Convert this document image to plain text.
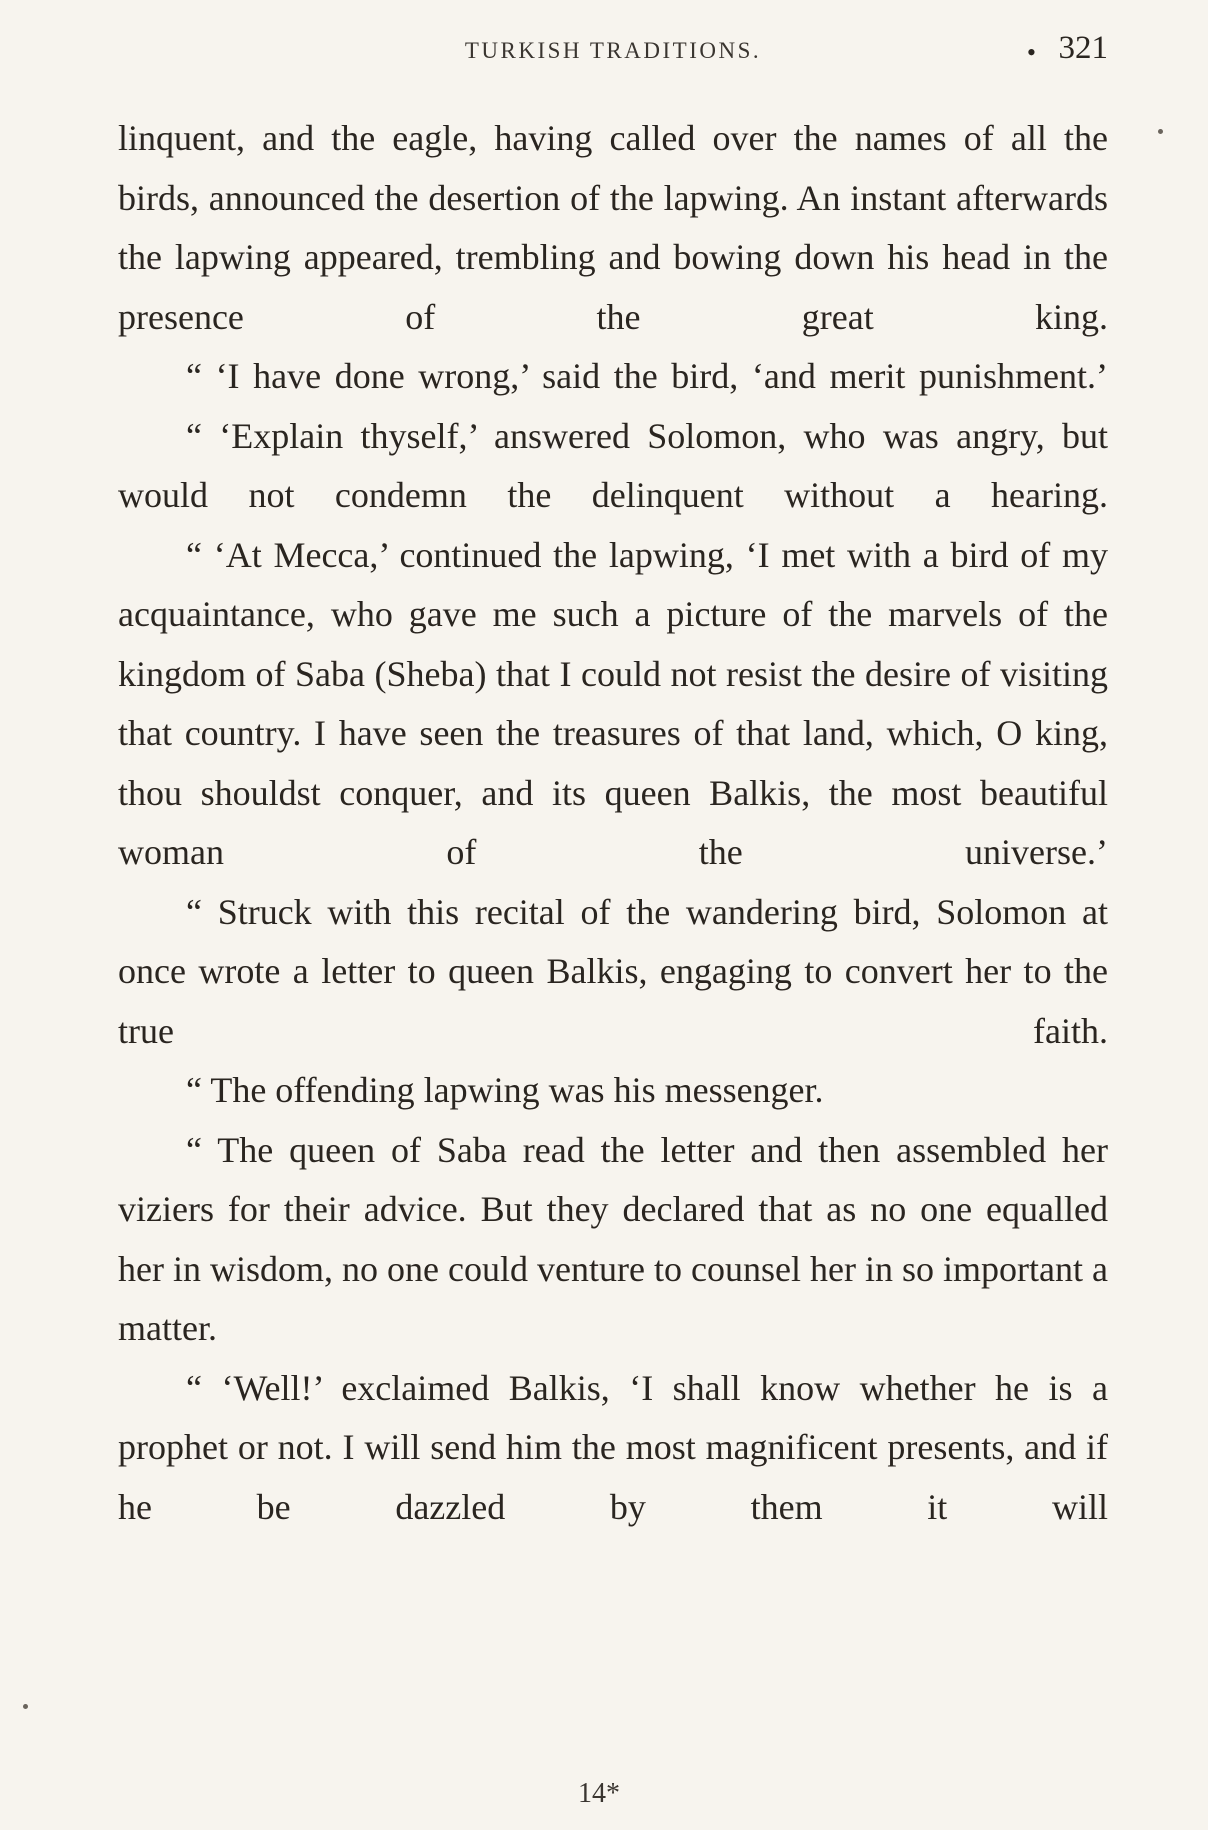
TURKISH TRADITIONS.	• 321

linquent, and the eagle, having called over the names of all the birds, announced the desertion of the lapwing. An instant afterwards the lapwing appeared, trembling and bowing down his head in the presence of the great king.

“ ‘I have done wrong,’ said the bird, ‘and merit punishment.’

“ ‘Explain thyself,’ answered Solomon, who was angry, but would not condemn the delinquent without a hearing.

“ ‘At Mecca,’ continued the lapwing, ‘I met with a bird of my acquaintance, who gave me such a picture of the marvels of the kingdom of Saba (Sheba) that I could not resist the desire of visiting that country. I have seen the treasures of that land, which, O king, thou shouldst conquer, and its queen Balkis, the most beautiful woman of the universe.’

“ Struck with this recital of the wandering bird, Solomon at once wrote a letter to queen Balkis, engaging to convert her to the true faith.

“ The offending lapwing was his messenger.

“ The queen of Saba read the letter and then assembled her viziers for their advice. But they declared that as no one equalled her in wisdom, no one could venture to counsel her in so important a matter.

“ ‘Well!’ exclaimed Balkis, ‘I shall know whether he is a prophet or not. I will send him the most magnificent presents, and if he be dazzled by them it will

14*
